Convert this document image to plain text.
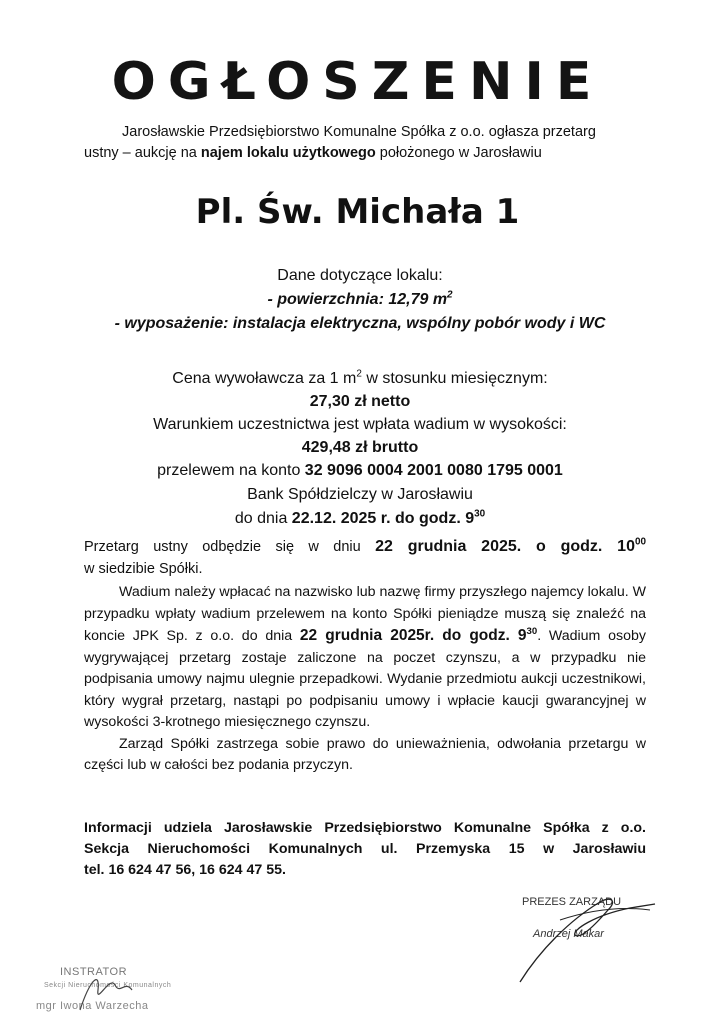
OGŁOSZENIE
Jarosławskie Przedsiębiorstwo Komunalne Spółka z o.o. ogłasza przetarg
ustny – aukcję na najem lokalu użytkowego położonego w Jarosławiu
Pl. Św. Michała 1
Dane dotyczące lokalu:
- powierzchnia: 12,79 $m^2$
- wyposażenie: instalacja elektryczna, wspólny pobór wody i WC
Cena wywoławcza za 1 $m^2$ w stosunku miesięcznym:
27,30 zł netto
Warunkiem uczestnictwa jest wpłata wadium w wysokości:
429,48 zł brutto
przelewem na konto 32 9096 0004 2001 0080 1795 0001
Bank Spółdzielczy w Jarosławiu
do dnia 22.12. 2025 r. do godz. $9^{30}$

Przetarg ustny odbędzie się w dniu 22 grudnia 2025. o godz. $10^{00}$

w siedzibie Spółki.

Wadium należy wpłacać na nazwisko lub nazwę firmy przyszłego najemcy lokalu. W przypadku wpłaty wadium przelewem na konto Spółki pieniądze muszą się znaleźć na koncie JPK Sp. z o.o. do dnia 22 grudnia 2025r. do godz. $9^{30}$. Wadium osoby wygrywającej przetarg zostaje zaliczone na poczet czynszu, a w przypadku nie podpisania umowy najmu ulegnie przepadkowi. Wydanie przedmiotu aukcji uczestnikowi, który wygrał przetarg, nastąpi po podpisaniu umowy i wpłacie kaucji gwarancyjnej w wysokości 3-krotnego miesięcznego czynszu.

Zarząd Spółki zastrzega sobie prawo do unieważnienia, odwołania przetargu w części lub w całości bez podania przyczyn.

Informacji udziela Jarosławskie Przedsiębiorstwo Komunalne Spółka z o.o.
Sekcja Nieruchomości Komunalnych ul. Przemyska 15 w Jarosławiu
tel. 16 624 47 56, 16 624 47 55.
PREZES ZARZĄDU
Andrzej Makar
INSTRATOR
Sekcji Nieruchomości Komunalnych
mgr Iwona Warzecha
